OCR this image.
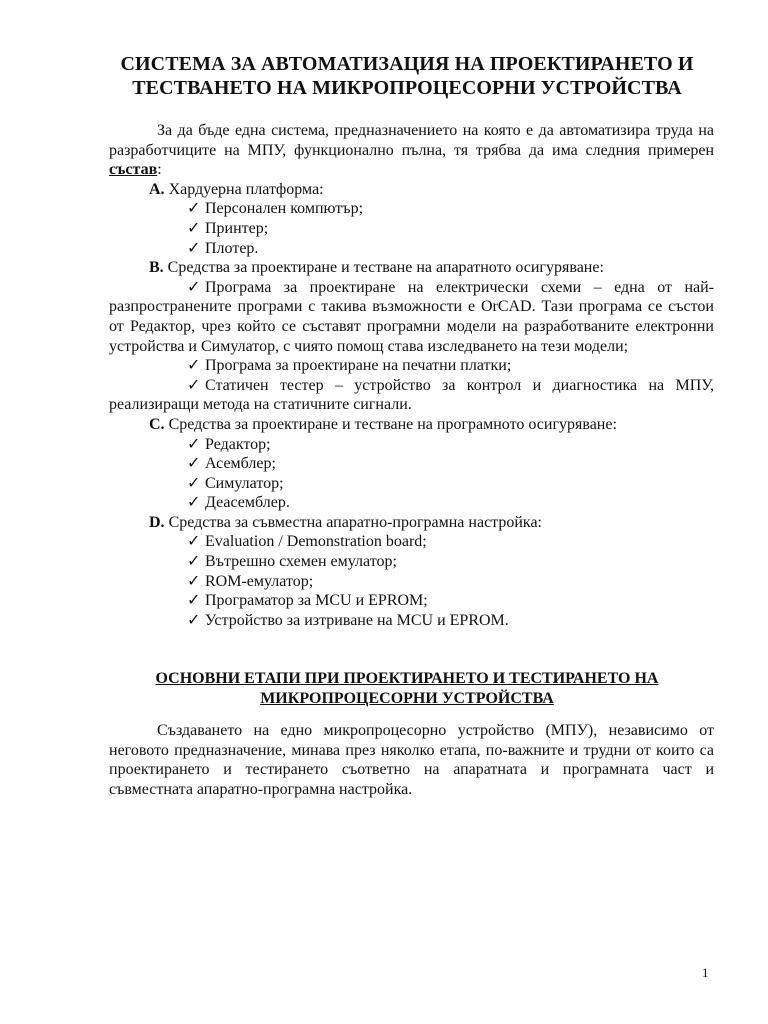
СИСТЕМА ЗА АВТОМАТИЗАЦИЯ НА ПРОЕКТИРАНЕТО И
ТЕСТВАНЕТО НА МИКРОПРОЦЕСОРНИ УСТРОЙСТВА

За да бъде една система, предназначението на която е да автоматизира труда на разработчиците на МПУ, функционално пълна, тя трябва да има следния примерен състав:

A. Хардуерна платформа:

✓ Персонален компютър;

✓ Принтер;

✓ Плотер.

B. Средства за проектиране и тестване на апаратното осигуряване:

✓ Програма за проектиране на електрически схеми – една от най-разпространените програми с такива възможности е OrCAD. Тази програма се състои от Редактор, чрез който се съставят програмни модели на разработваните електронни устройства и Симулатор, с чиято помощ става изследването на тези модели;

✓ Програма за проектиране на печатни платки;

✓ Статичен тестер – устройство за контрол и диагностика на МПУ, реализиращи метода на статичните сигнали.

C. Средства за проектиране и тестване на програмното осигуряване:

✓ Редактор;

✓ Асемблер;

✓ Симулатор;

✓ Деасемблер.

D. Средства за съвместна апаратно-програмна настройка:

✓ Evaluation / Demonstration board;

✓ Вътрешно схемен емулатор;

✓ ROM-емулатор;

✓ Програматор за MCU и EPROM;

✓ Устройство за изтриване на MCU и EPROM.

ОСНОВНИ ЕТАПИ ПРИ ПРОЕКТИРАНЕТО И ТЕСТИРАНЕТО НА
МИКРОПРОЦЕСОРНИ УСТРОЙСТВА

Създаването на едно микропроцесорно устройство (МПУ), независимо от неговото предназначение, минава през няколко етапа, по-важните и трудни от които са проектирането и тестирането съответно на апаратната и програмната част и съвместната апаратно-програмна настройка.

1
